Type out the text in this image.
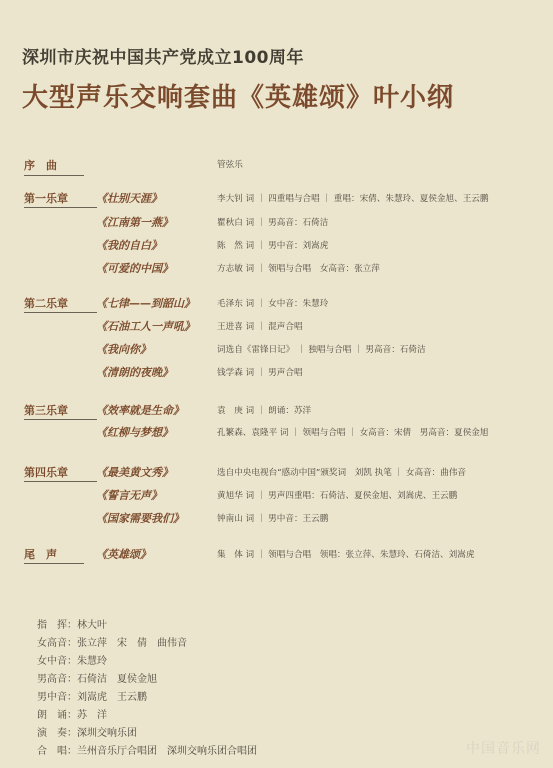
深圳市庆祝中国共产党成立100周年
大型声乐交响套曲《英雄颂》叶小纲
序　曲	管弦乐
第一乐章	《壮别天涯》	李大钊 词 ｜ 四重唱与合唱 ｜ 重唱：宋倩、朱慧玲、夏侯金旭、王云鹏
《江南第一燕》	瞿秋白 词 ｜ 男高音：石倚洁
《我的自白》	陈　然 词 ｜ 男中音：刘嵩虎
《可爱的中国》	方志敏 词 ｜ 领唱与合唱　女高音：张立萍
第二乐章	《七律——到韶山》	毛泽东 词 ｜ 女中音：朱慧玲
《石油工人一声吼》	王进喜 词 ｜ 混声合唱
《我向你》	词选自《雷锋日记》 ｜ 独唱与合唱 ｜ 男高音：石倚洁
《清朗的夜晚》	钱学森 词 ｜ 男声合唱
第三乐章	《效率就是生命》	袁　庚 词 ｜ 朗诵：苏洋
《红柳与梦想》	孔繁森、袁隆平 词 ｜ 领唱与合唱 ｜ 女高音：宋倩　男高音：夏侯金旭
第四乐章	《最美黄文秀》	选自中央电视台“感动中国”颁奖词　刘凯 执笔 ｜ 女高音：曲伟音
《誓言无声》	黄旭华 词 ｜ 男声四重唱：石倚洁、夏侯金旭、刘嵩虎、王云鹏
《国家需要我们》	钟南山 词 ｜ 男中音：王云鹏
尾　声	《英雄颂》	集　体 词 ｜ 领唱与合唱　领唱：张立萍、朱慧玲、石倚洁、刘嵩虎
指　挥：林大叶
女高音：张立萍　宋　倩　曲伟音
女中音：朱慧玲
男高音：石倚洁　夏侯金旭
男中音：刘嵩虎　王云鹏
朗　诵：苏　洋
演　奏：深圳交响乐团
合　唱：兰州音乐厅合唱团　深圳交响乐团合唱团	中国音乐网
